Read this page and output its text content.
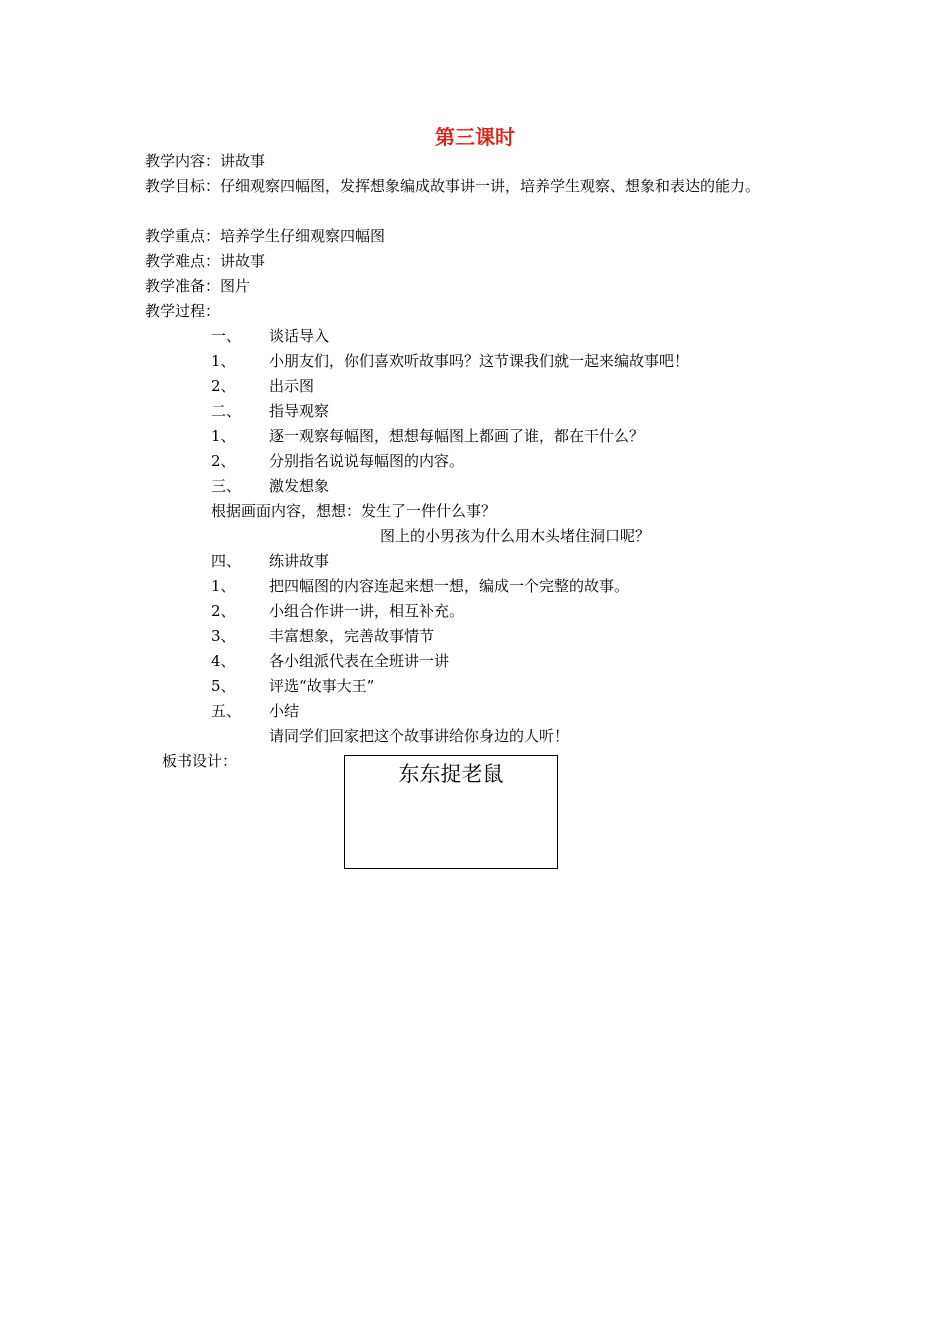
第三课时
教学内容：讲故事
教学目标：仔细观察四幅图，发挥想象编成故事讲一讲，培养学生观察、想象和表达的能力。
教学重点：培养学生仔细观察四幅图
教学难点：讲故事
教学准备：图片
教学过程：
一、 谈话导入
1、 小朋友们，你们喜欢听故事吗？这节课我们就一起来编故事吧！
2、 出示图
二、 指导观察
1、 逐一观察每幅图，想想每幅图上都画了谁，都在干什么？
2、 分别指名说说每幅图的内容。
三、 激发想象
根据画面内容，想想：发生了一件什么事？
图上的小男孩为什么用木头堵住洞口呢？
四、 练讲故事
1、 把四幅图的内容连起来想一想，编成一个完整的故事。
2、 小组合作讲一讲，相互补充。
3、 丰富想象，完善故事情节
4、 各小组派代表在全班讲一讲
5、 评选“故事大王”
五、 小结
请同学们回家把这个故事讲给你身边的人听！
板书设计：
东东捉老鼠
